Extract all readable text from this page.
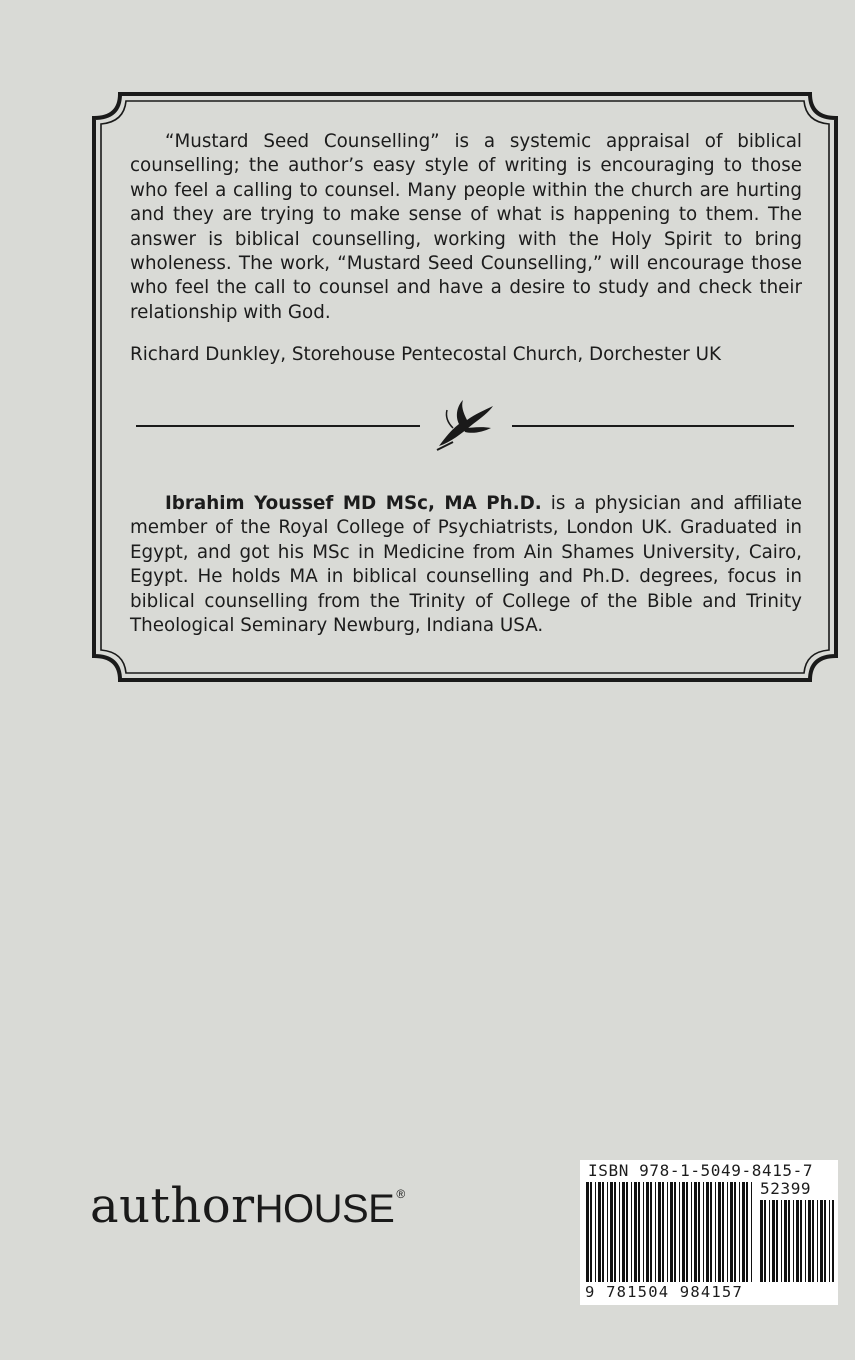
“Mustard Seed Counselling” is a systemic appraisal of biblical counselling; the author’s easy style of writing is encouraging to those who feel a calling to counsel. Many people within the church are hurting and they are trying to make sense of what is happening to them. The answer is biblical counselling, working with the Holy Spirit to bring wholeness. The work, “Mustard Seed Counselling,” will encourage those who feel the call to counsel and have a desire to study and check their relationship with God.

Richard Dunkley, Storehouse Pentecostal Church, Dorchester UK

Ibrahim Youssef MD MSc, MA Ph.D. is a physician and affiliate member of the Royal College of Psychiatrists, London UK. Graduated in Egypt, and got his MSc in Medicine from Ain Shames University, Cairo, Egypt. He holds MA in biblical counselling and Ph.D. degrees, focus in biblical counselling from the Trinity of College of the Bible and Trinity Theological Seminary Newburg, Indiana USA.

authorHOUSE ®
ISBN 978-1-5049-8415-7
52399
9 781504 984157
